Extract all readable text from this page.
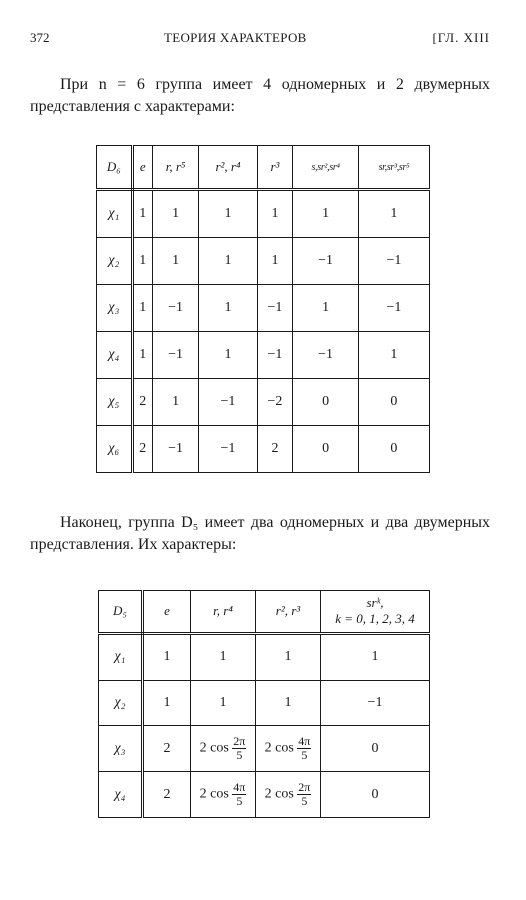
372	ТЕОРИЯ ХАРАКТЕРОВ	[ГЛ. XIII

При n = 6 группа имеет 4 одномерных и 2 двумерных представления с характерами:

D₆	e	r, r⁵	r², r⁴	r³	s,sr²,sr⁴	sr,sr³,sr⁵
χ₁	1	1	1	1	1	1
χ₂	1	1	1	1	−1	−1
χ₃	1	−1	1	−1	1	−1
χ₄	1	−1	1	−1	−1	1
χ₅	2	1	−1	−2	0	0
χ₆	2	−1	−1	2	0	0

Наконец, группа D₅ имеет два одномерных и два двумерных представления. Их характеры:

D₅	e	r, r⁴	r², r³	srᵏ,
k = 0, 1, 2, 3, 4

χ₁	1	1	1	1
χ₂	1	1	1	−1
χ₃	2	2 $\cos \frac{2\pi}{5}$	2 $\cos \frac{4\pi}{5}$	0
χ₄	2	2 $\cos \frac{4\pi}{5}$	2 $\cos \frac{2\pi}{5}$	0
